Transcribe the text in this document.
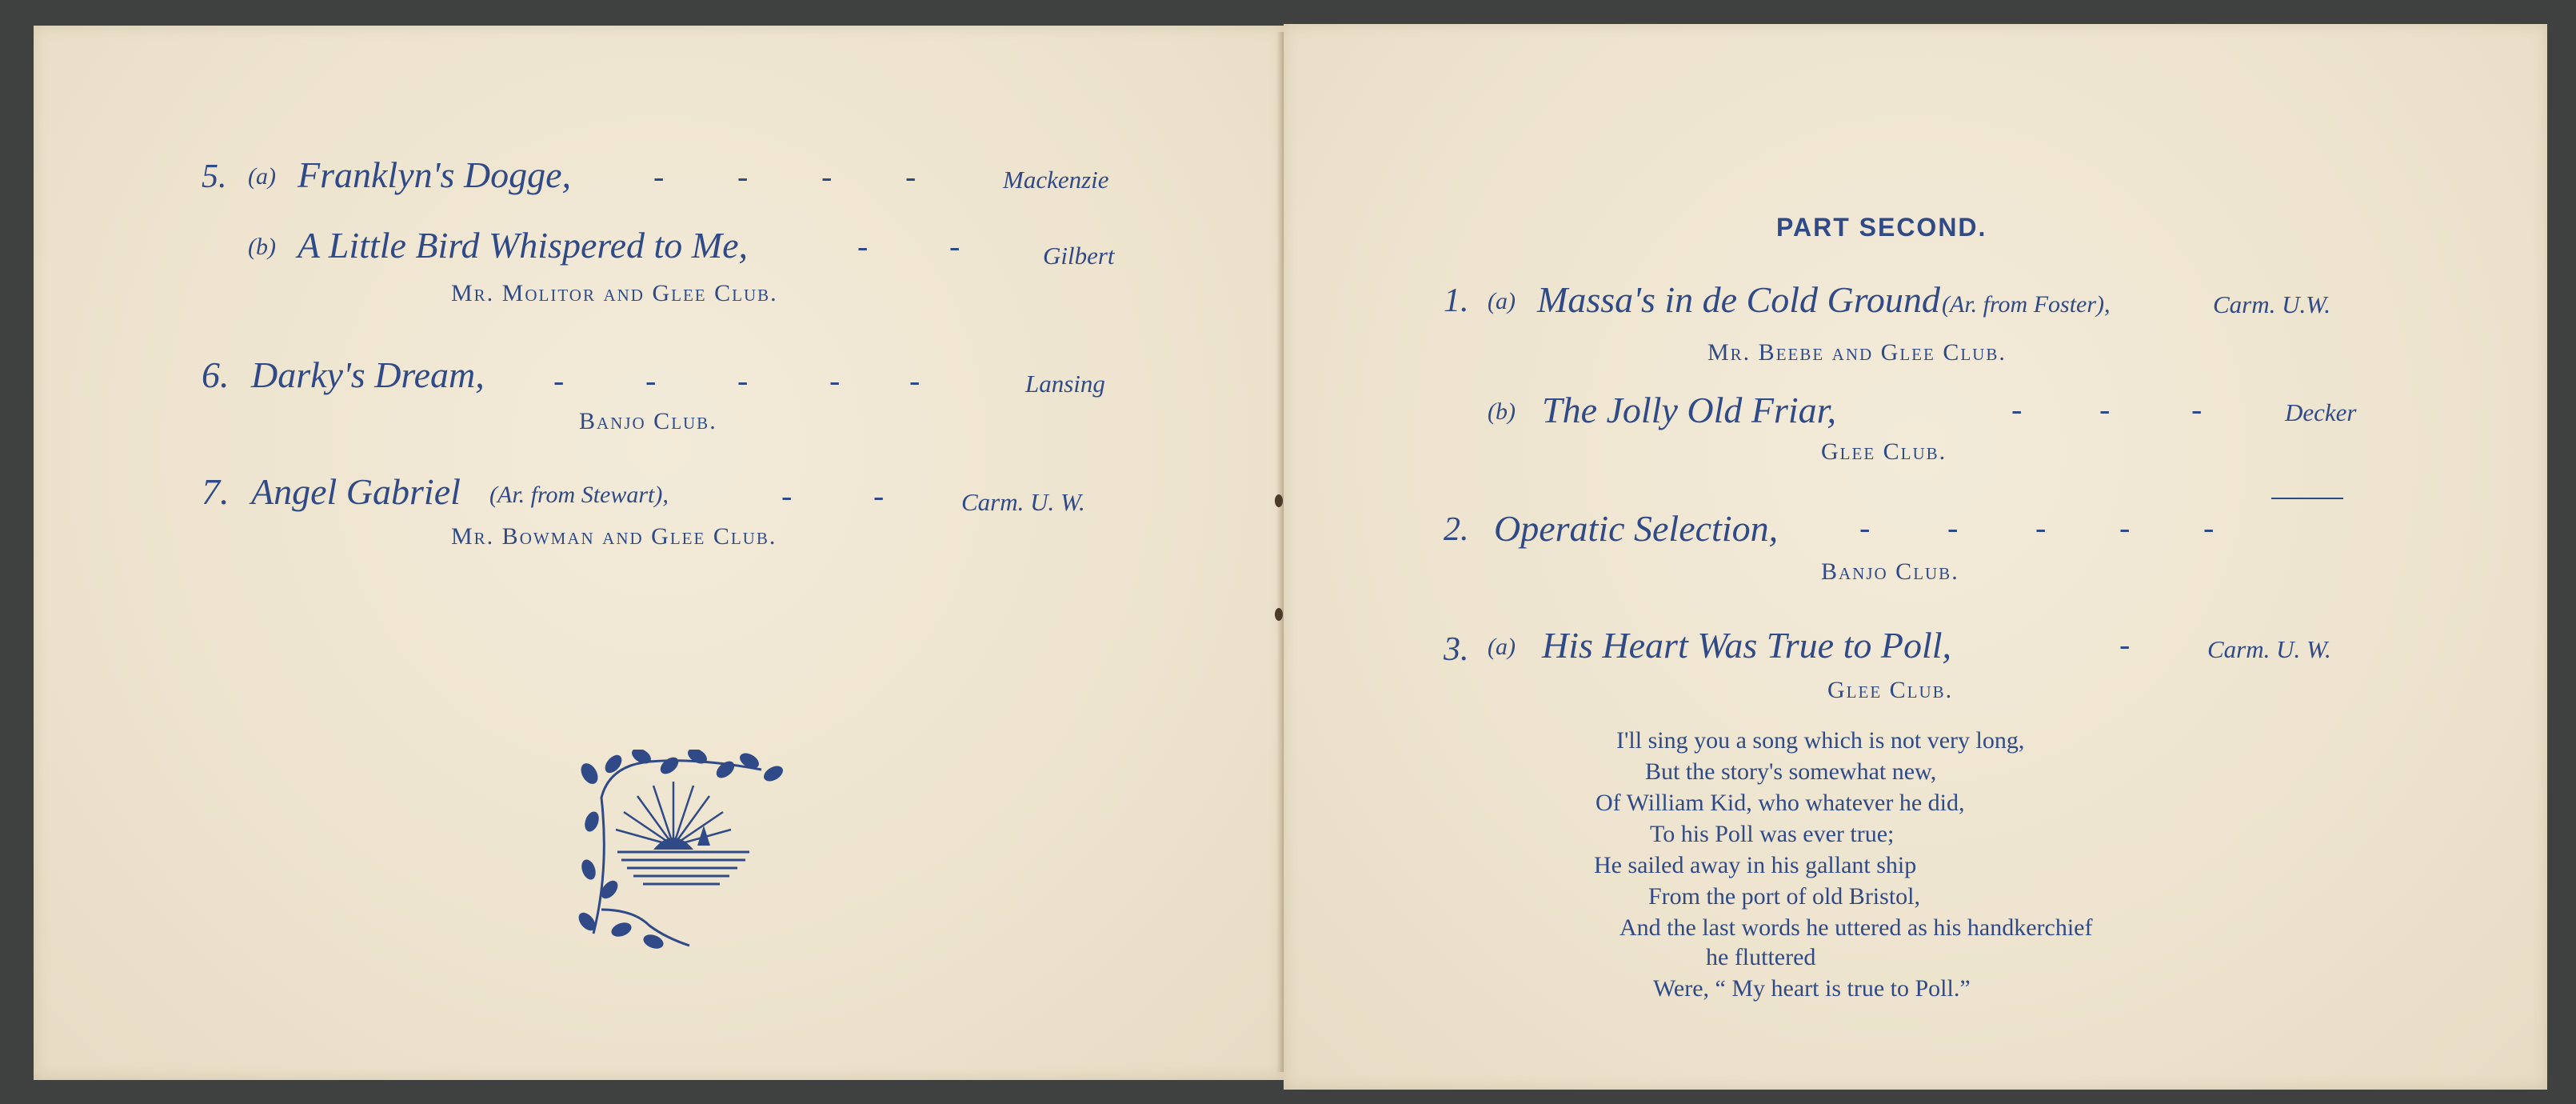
5. (a) Franklyn's Dogge,	- - - -	Mackenzie
(b) A Little Bird Whispered to Me,	-	-	Gilbert
Mr. Molitor and Glee Club.
6. Darky's Dream, -	-	-	- -	Lansing
Banjo Club.
7. Angel Gabriel (Ar. from Stewart),	-	-	Carm. U. W.
Mr. Bowman and Glee Club.
PART SECOND.
1. (a) Massa's in de Cold Ground (Ar. from Foster),	Carm. U.W.
Mr. Beebe and Glee Club.
(b) The Jolly Old Friar,	- -	-	Decker
Glee Club.
2. Operatic Selection,	- - - - -
Banjo Club.
3. (a) His Heart Was True to Poll,	-	Carm. U. W.
Glee Club.
I'll sing you a song which is not very long,
But the story's somewhat new,
Of William Kid, who whatever he did,
To his Poll was ever true;
He sailed away in his gallant ship
From the port of old Bristol,
And the last words he uttered as his handkerchief
he fluttered
Were, “ My heart is true to Poll.”
